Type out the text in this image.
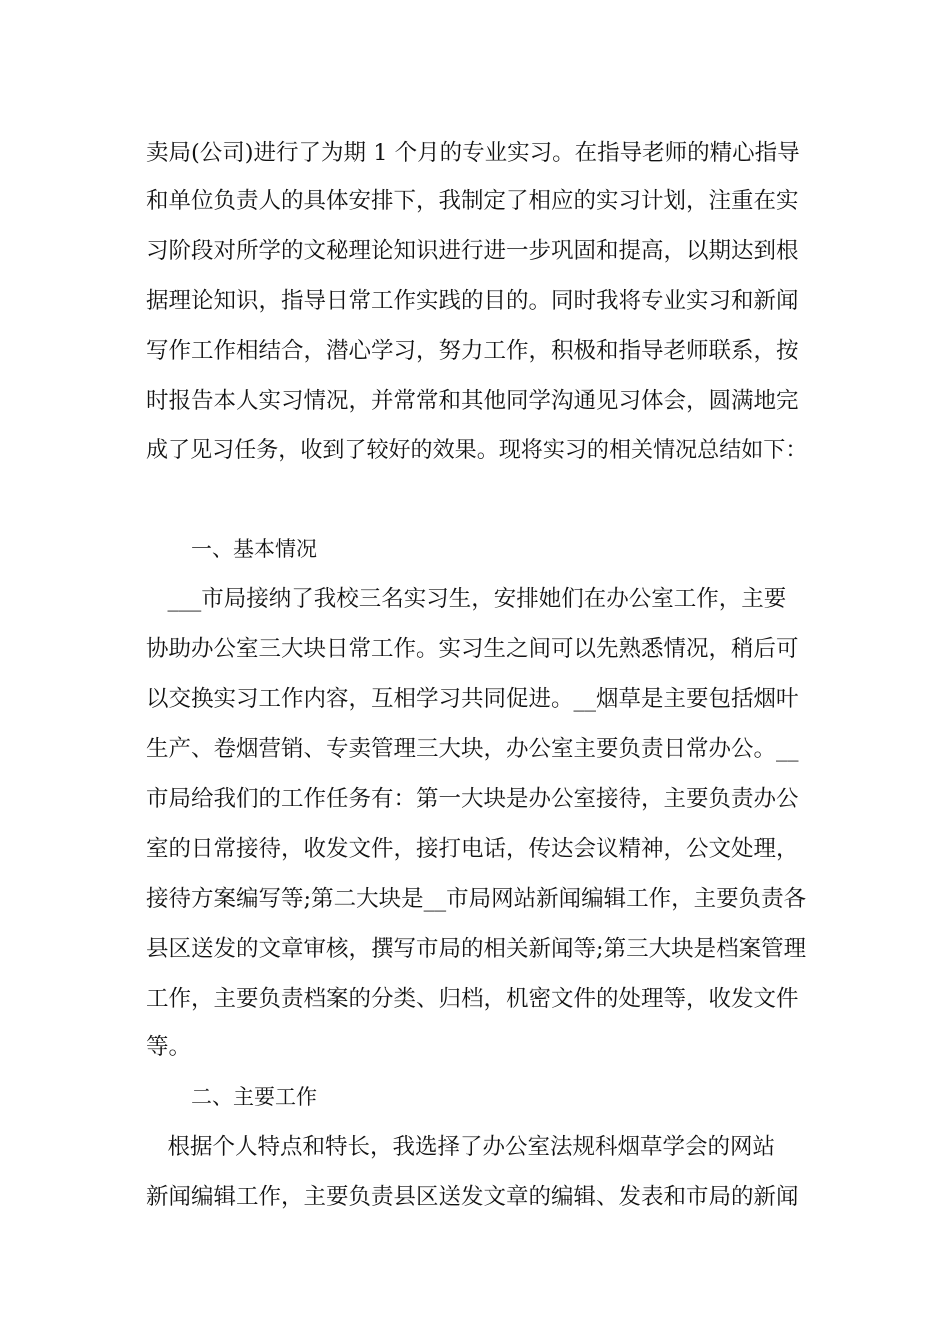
卖局(公司)进行了为期 1 个月的专业实习。在指导老师的精心指导
和单位负责人的具体安排下，我制定了相应的实习计划，注重在实
习阶段对所学的文秘理论知识进行进一步巩固和提高，以期达到根
据理论知识，指导日常工作实践的目的。同时我将专业实习和新闻
写作工作相结合，潜心学习，努力工作，积极和指导老师联系，按
时报告本人实习情况，并常常和其他同学沟通见习体会，圆满地完
成了见习任务，收到了较好的效果。现将实习的相关情况总结如下：
一、基本情况
___市局接纳了我校三名实习生，安排她们在办公室工作，主要
协助办公室三大块日常工作。实习生之间可以先熟悉情况，稍后可
以交换实习工作内容，互相学习共同促进。__烟草是主要包括烟叶
生产、卷烟营销、专卖管理三大块，办公室主要负责日常办公。__
市局给我们的工作任务有：第一大块是办公室接待，主要负责办公
室的日常接待，收发文件，接打电话，传达会议精神，公文处理，
接待方案编写等;第二大块是__市局网站新闻编辑工作，主要负责各
县区送发的文章审核，撰写市局的相关新闻等;第三大块是档案管理
工作，主要负责档案的分类、归档，机密文件的处理等，收发文件
等。
二、主要工作
根据个人特点和特长，我选择了办公室法规科烟草学会的网站
新闻编辑工作，主要负责县区送发文章的编辑、发表和市局的新闻
